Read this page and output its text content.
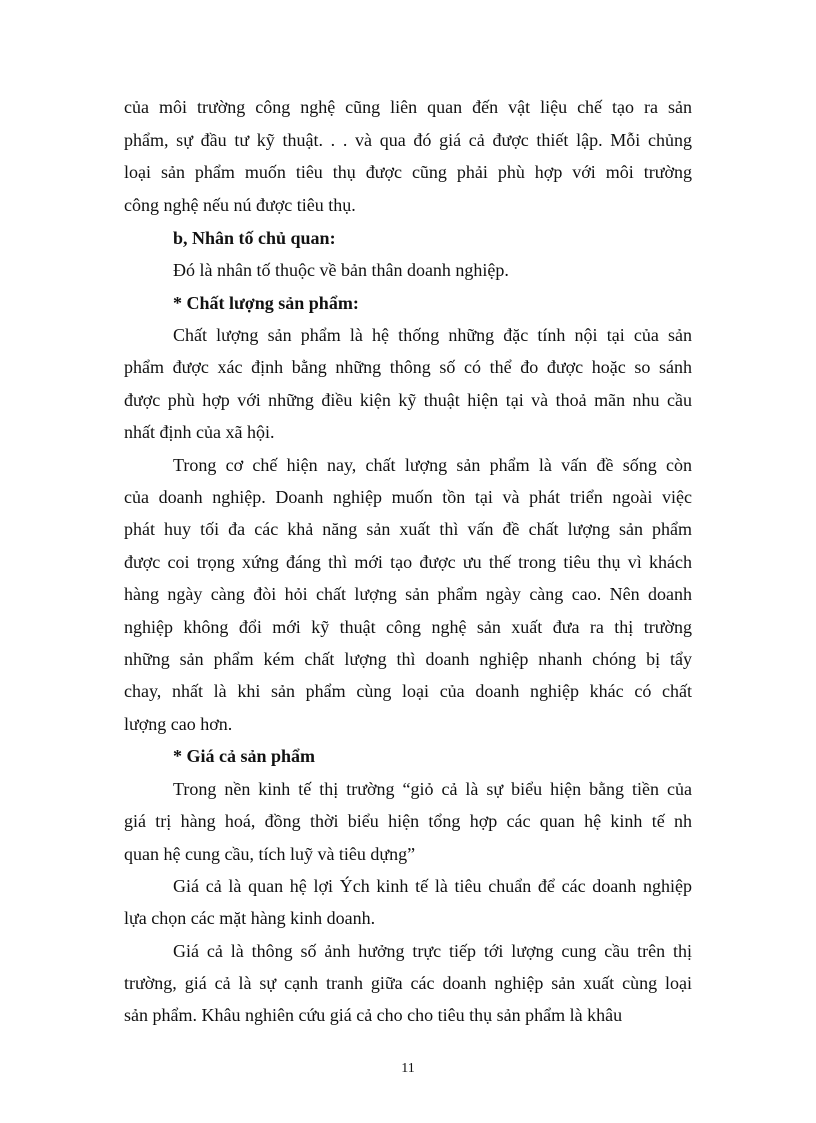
của môi trường công nghệ cũng liên quan đến vật liệu chế tạo ra sản
phẩm, sự đầu tư kỹ thuật. . . và qua đó giá cả được thiết lập. Mỗi chủng
loại sản phẩm muốn tiêu thụ được cũng phải phù hợp với môi trường
công nghệ nếu nú được tiêu thụ.
b, Nhân tố chủ quan:
Đó là nhân tố thuộc về bản thân doanh nghiệp.
* Chất lượng sản phẩm:
Chất lượng sản phẩm là hệ thống những đặc tính nội tại của sản
phẩm được xác định bằng những thông số có thể đo được hoặc so sánh
được phù hợp với những điều kiện kỹ thuật hiện tại và thoả mãn nhu cầu
nhất định của xã hội.
Trong cơ chế hiện nay, chất lượng sản phẩm là vấn đề sống còn
của doanh nghiệp. Doanh nghiệp muốn tồn tại và phát triển ngoài việc
phát huy tối đa các khả năng sản xuất thì vấn đề chất lượng sản phẩm
được coi trọng xứng đáng thì mới tạo được ưu thế trong tiêu thụ vì khách
hàng ngày càng đòi hỏi chất lượng sản phẩm ngày càng cao. Nên doanh
nghiệp không đổi mới kỹ thuật công nghệ sản xuất đưa ra thị trường
những sản phẩm kém chất lượng thì doanh nghiệp nhanh chóng bị tẩy
chay, nhất là khi sản phẩm cùng loại của doanh nghiệp khác có chất
lượng cao hơn.
* Giá cả sản phẩm
Trong nền kinh tế thị trường “giỏ cả là sự biểu hiện bằng tiền của
giá trị hàng hoá, đồng thời biểu hiện tổng hợp các quan hệ kinh tế nh
quan hệ cung cầu, tích luỹ và tiêu dựng”
Giá cả là quan hệ lợi Ých kinh tế là tiêu chuẩn để các doanh nghiệp
lựa chọn các mặt hàng kinh doanh.
Giá cả là thông số ảnh hưởng trực tiếp tới lượng cung cầu trên thị
trường, giá cả là sự cạnh tranh giữa các doanh nghiệp sản xuất cùng loại
sản phẩm. Khâu nghiên cứu giá cả cho cho tiêu thụ sản phẩm là khâu
11
